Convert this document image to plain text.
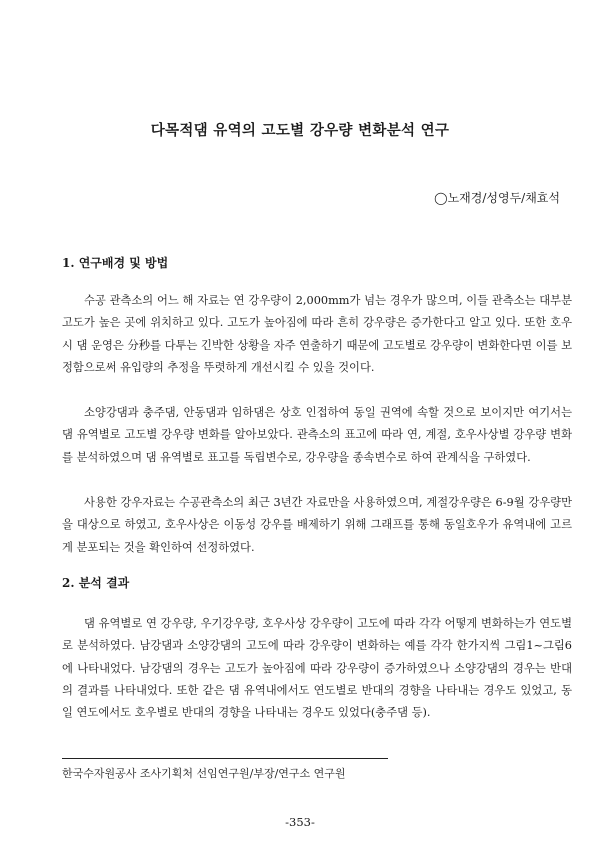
다목적댐 유역의 고도별 강우량 변화분석 연구
◯노재경/성영두/채효석
1. 연구배경 및 방법

수공 관측소의 어느 해 자료는 연 강우량이 2,000mm가 넘는 경우가 많으며, 이들 관측소는 대부분 고도가 높은 곳에 위치하고 있다. 고도가 높아짐에 따라 흔히 강우량은 증가한다고 알고 있다. 또한 호우시 댐 운영은 分秒를 다투는 긴박한 상황을 자주 연출하기 때문에 고도별로 강우량이 변화한다면 이를 보정함으로써 유입량의 추정을 뚜렷하게 개선시킬 수 있을 것이다.

소양강댐과 충주댐, 안동댐과 임하댐은 상호 인접하여 동일 권역에 속할 것으로 보이지만 여기서는 댐 유역별로 고도별 강우량 변화를 알아보았다. 관측소의 표고에 따라 연, 계절, 호우사상별 강우량 변화를 분석하였으며 댐 유역별로 표고를 독립변수로, 강우량을 종속변수로 하여 관계식을 구하였다.

사용한 강우자료는 수공관측소의 최근 3년간 자료만을 사용하였으며, 계절강우량은 6-9월 강우량만을 대상으로 하였고, 호우사상은 이동성 강우를 배제하기 위해 그래프를 통해 동일호우가 유역내에 고르게 분포되는 것을 확인하여 선정하였다.

2. 분석 결과

댐 유역별로 연 강우량, 우기강우량, 호우사상 강우량이 고도에 따라 각각 어떻게 변화하는가 연도별로 분석하였다. 남강댐과 소양강댐의 고도에 따라 강우량이 변화하는 예를 각각 한가지씩 그림1~그림6에 나타내었다. 남강댐의 경우는 고도가 높아짐에 따라 강우량이 증가하였으나 소양강댐의 경우는 반대의 결과를 나타내었다. 또한 같은 댐 유역내에서도 연도별로 반대의 경향을 나타내는 경우도 있었고, 동일 연도에서도 호우별로 반대의 경향을 나타내는 경우도 있었다(충주댐 등).

한국수자원공사 조사기획처 선임연구원/부장/연구소 연구원
-353-
